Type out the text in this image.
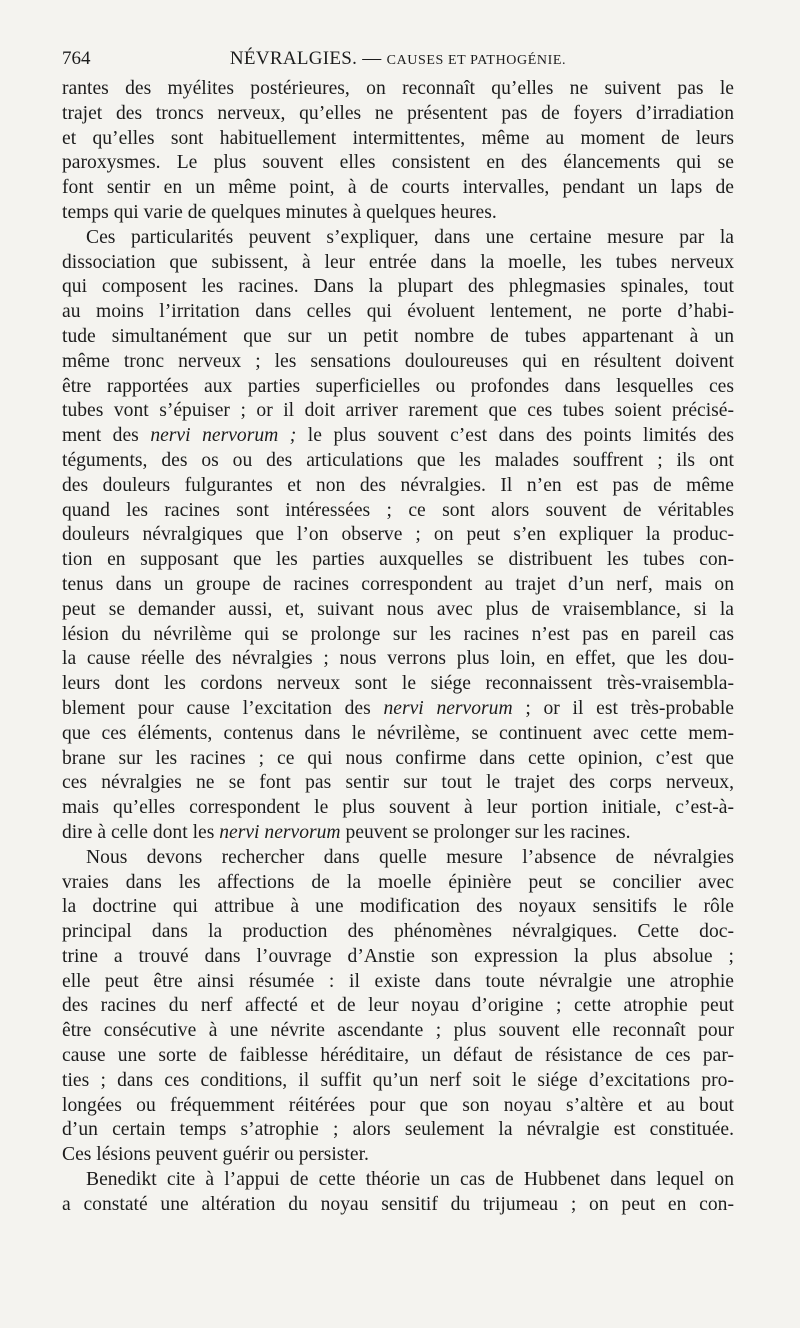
764	NÉVRALGIES. — CAUSES ET PATHOGÉNIE.
rantes des myélites postérieures, on reconnaît qu’elles ne suivent pas le
trajet des troncs nerveux, qu’elles ne présentent pas de foyers d’irradiation
et qu’elles sont habituellement intermittentes, même au moment de leurs
paroxysmes. Le plus souvent elles consistent en des élancements qui se
font sentir en un même point, à de courts intervalles, pendant un laps de
temps qui varie de quelques minutes à quelques heures.
Ces particularités peuvent s’expliquer, dans une certaine mesure par la
dissociation que subissent, à leur entrée dans la moelle, les tubes nerveux
qui composent les racines. Dans la plupart des phlegmasies spinales, tout
au moins l’irritation dans celles qui évoluent lentement, ne porte d’habi-
tude simultanément que sur un petit nombre de tubes appartenant à un
même tronc nerveux ; les sensations douloureuses qui en résultent doivent
être rapportées aux parties superficielles ou profondes dans lesquelles ces
tubes vont s’épuiser ; or il doit arriver rarement que ces tubes soient précisé-
ment des nervi nervorum ; le plus souvent c’est dans des points limités des
téguments, des os ou des articulations que les malades souffrent ; ils ont
des douleurs fulgurantes et non des névralgies. Il n’en est pas de même
quand les racines sont intéressées ; ce sont alors souvent de véritables
douleurs névralgiques que l’on observe ; on peut s’en expliquer la produc-
tion en supposant que les parties auxquelles se distribuent les tubes con-
tenus dans un groupe de racines correspondent au trajet d’un nerf, mais on
peut se demander aussi, et, suivant nous avec plus de vraisemblance, si la
lésion du névrilème qui se prolonge sur les racines n’est pas en pareil cas
la cause réelle des névralgies ; nous verrons plus loin, en effet, que les dou-
leurs dont les cordons nerveux sont le siége reconnaissent très-vraisembla-
blement pour cause l’excitation des nervi nervorum ; or il est très-probable
que ces éléments, contenus dans le névrilème, se continuent avec cette mem-
brane sur les racines ; ce qui nous confirme dans cette opinion, c’est que
ces névralgies ne se font pas sentir sur tout le trajet des corps nerveux,
mais qu’elles correspondent le plus souvent à leur portion initiale, c’est-à-
dire à celle dont les nervi nervorum peuvent se prolonger sur les racines.
Nous devons rechercher dans quelle mesure l’absence de névralgies
vraies dans les affections de la moelle épinière peut se concilier avec
la doctrine qui attribue à une modification des noyaux sensitifs le rôle
principal dans la production des phénomènes névralgiques. Cette doc-
trine a trouvé dans l’ouvrage d’Anstie son expression la plus absolue ;
elle peut être ainsi résumée : il existe dans toute névralgie une atrophie
des racines du nerf affecté et de leur noyau d’origine ; cette atrophie peut
être consécutive à une névrite ascendante ; plus souvent elle reconnaît pour
cause une sorte de faiblesse héréditaire, un défaut de résistance de ces par-
ties ; dans ces conditions, il suffit qu’un nerf soit le siége d’excitations pro-
longées ou fréquemment réitérées pour que son noyau s’altère et au bout
d’un certain temps s’atrophie ; alors seulement la névralgie est constituée.
Ces lésions peuvent guérir ou persister.
Benedikt cite à l’appui de cette théorie un cas de Hubbenet dans lequel on
a constaté une altération du noyau sensitif du trijumeau ; on peut en con-
